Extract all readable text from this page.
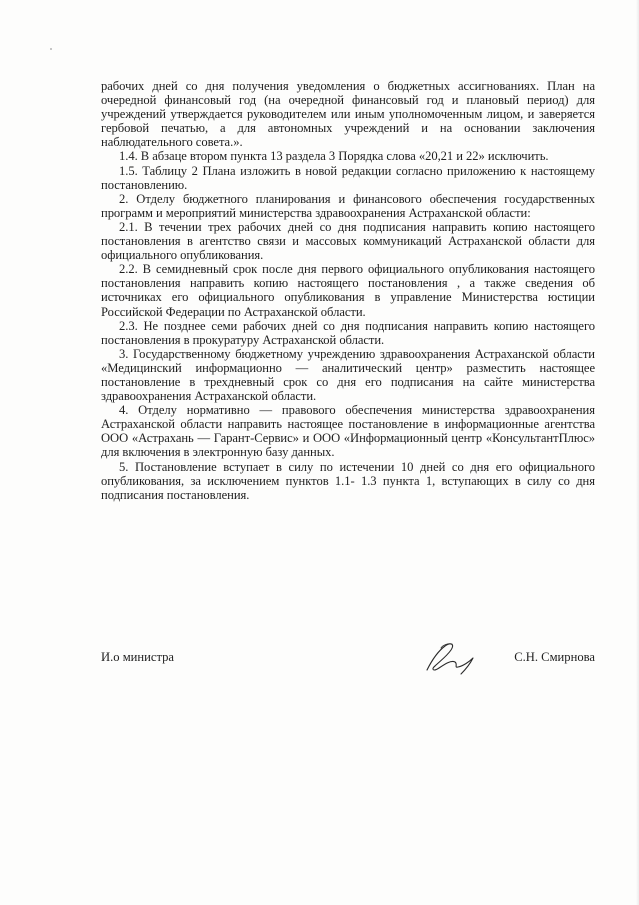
рабочих дней со дня получения уведомления о бюджетных ассигнованиях. План на очередной финансовый год (на очередной финансовый год и плановый период) для учреждений утверждается руководителем или иным уполномоченным лицом, и заверяется гербовой печатью, а для автономных учреждений и на основании заключения наблюдательного совета.».

1.4. В абзаце втором пункта 13 раздела 3 Порядка слова «20,21 и 22» исключить.

1.5. Таблицу 2 Плана изложить в новой редакции согласно приложению к настоящему постановлению.

2. Отделу бюджетного планирования и финансового обеспечения государственных программ и мероприятий министерства здравоохранения Астраханской области:

2.1. В течении трех рабочих дней со дня подписания направить копию настоящего постановления в агентство связи и массовых коммуникаций Астраханской области для официального опубликования.

2.2. В семидневный срок после дня первого официального опубликования настоящего постановления направить копию настоящего постановления , а также сведения об источниках его официального опубликования в управление Министерства юстиции Российской Федерации по Астраханской области.

2.3. Не позднее семи рабочих дней со дня подписания направить копию настоящего постановления в прокуратуру Астраханской области.

3. Государственному бюджетному учреждению здравоохранения Астраханской области «Медицинский информационно — аналитический центр» разместить настоящее постановление в трехдневный срок со дня его подписания на сайте министерства здравоохранения Астраханской области.

4. Отделу нормативно — правового обеспечения министерства здравоохранения Астраханской области направить настоящее постановление в информационные агентства ООО «Астрахань — Гарант-Сервис» и ООО «Информационный центр «КонсультантПлюс» для включения в электронную базу данных.

5. Постановление вступает в силу по истечении 10 дней со дня его официального опубликования, за исключением пунктов 1.1- 1.3 пункта 1, вступающих в силу со дня подписания постановления.

И.о министра	С.Н. Смирнова
